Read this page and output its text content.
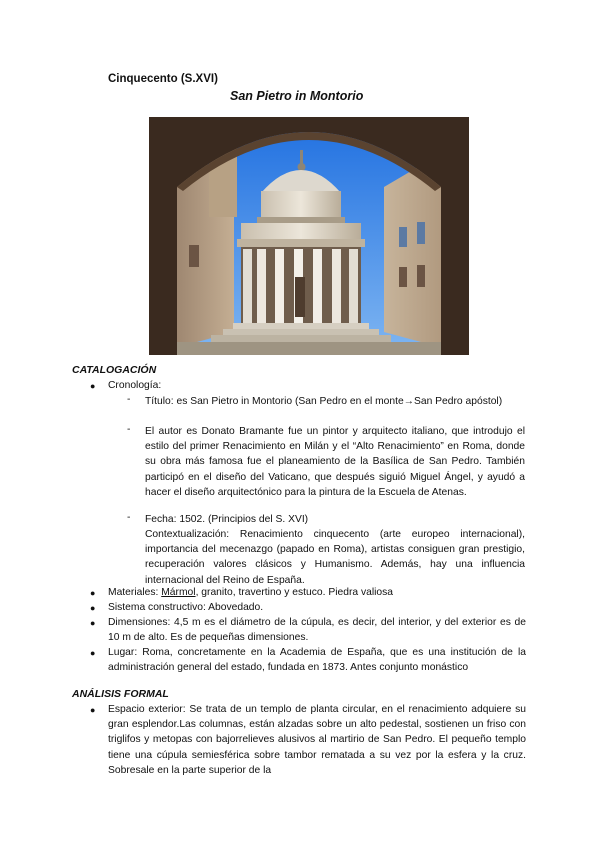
Cinquecento (S.XVI)
San Pietro in Montorio
CATALOGACIÓN
● Cronología:
- Título: es San Pietro in Montorio (San Pedro en el monte→San Pedro apóstol)
- El autor es Donato Bramante fue un pintor y arquitecto italiano, que introdujo el estilo del primer Renacimiento en Milán y el “Alto Renacimiento” en Roma, donde su obra más famosa fue el planeamiento de la Basílica de San Pedro. También participó en el diseño del Vaticano, que después siguió Miguel Ángel, y ayudó a hacer el diseño arquitectónico para la pintura de la Escuela de Atenas.
- Fecha: 1502. (Principios del S. XVI)
Contextualización: Renacimiento cinquecento (arte europeo internacional), importancia del mecenazgo (papado en Roma), artistas consiguen gran prestigio, recuperación valores clásicos y Humanismo. Además, hay una influencia internacional del Reino de España.
● Materiales: Mármol, granito, travertino y estuco. Piedra valiosa
● Sistema constructivo: Abovedado.
● Dimensiones: 4,5 m es el diámetro de la cúpula, es decir, del interior, y del exterior es de 10 m de alto. Es de pequeñas dimensiones.
● Lugar: Roma, concretamente en la Academia de España, que es una institución de la administración general del estado, fundada en 1873. Antes conjunto monástico
ANÁLISIS FORMAL
● Espacio exterior: Se trata de un templo de planta circular, en el renacimiento adquiere su gran esplendor.Las columnas, están alzadas sobre un alto pedestal, sostienen un friso con triglifos y metopas con bajorrelieves alusivos al martirio de San Pedro. El pequeño templo tiene una cúpula semiesférica sobre tambor rematada a su vez por la esfera y la cruz. Sobresale en la parte superior de la
